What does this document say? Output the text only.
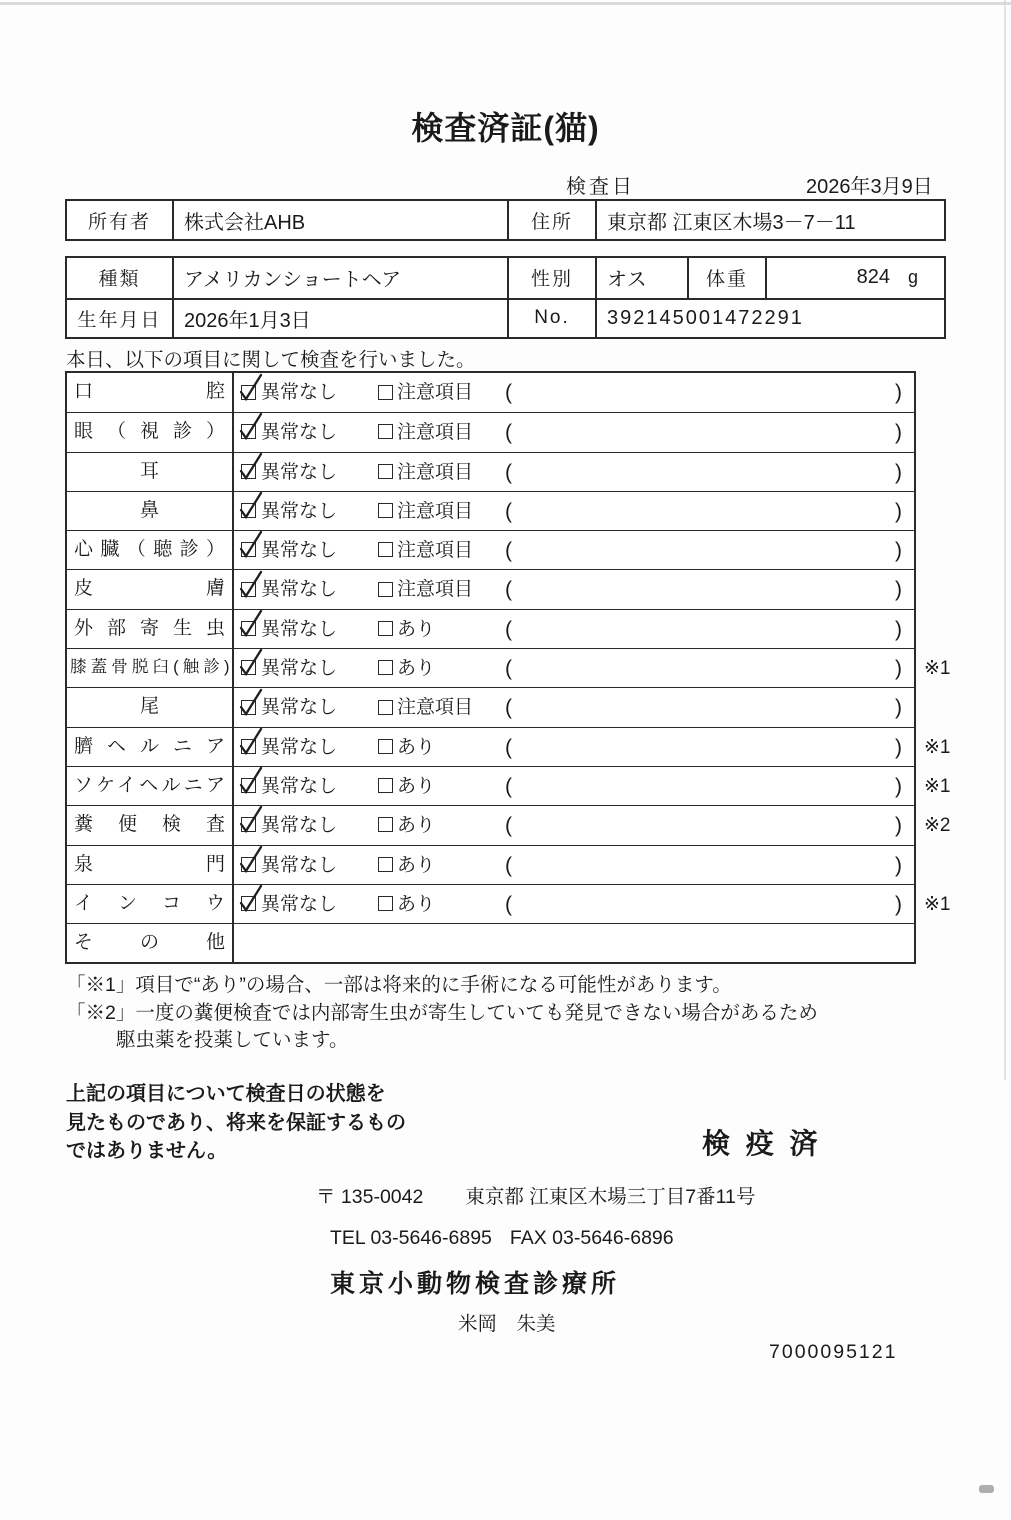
検査済証(猫)
検査日	2026年3月9日
所有者	株式会社AHB	住所	東京都 江東区木場3－7－11
種類	アメリカンショートヘア	性別	オス	体重	824 g
生年月日	2026年1月3日	No.	392145001472291
本日、以下の項目に関して検査を行いました。
口腔	異常なし	注意項目 (	)
眼（視診）	異常なし	注意項目 (	)
耳	異常なし	注意項目 (	)
鼻	異常なし	注意項目 (	)
心臓（聴診）	異常なし	注意項目 (	)
皮膚	異常なし	注意項目 (	)
外部寄生虫	異常なし	あり	(	)
膝蓋骨脱臼(触診) 異常なし	あり	(	) ※1
尾	異常なし	注意項目 (	)
臍ヘルニア	異常なし	あり	(	) ※1
ソケイヘルニア	異常なし	あり	(	) ※1
糞便検査	異常なし	あり	(	) ※2
泉門	異常なし	あり	(	)
インコウ	異常なし	あり	(	) ※1
その他
「※1」項目で“あり”の場合、一部は将来的に手術になる可能性があります。
「※2」一度の糞便検査では内部寄生虫が寄生していても発見できない場合があるため
駆虫薬を投薬しています。
上記の項目について検査日の状態を
見たものであり、将来を保証するもの
ではありません。	検 疫 済
〒 135-0042 東京都 江東区木場三丁目7番11号
TEL 03-5646-6895 FAX 03-5646-6896
東京小動物検査診療所
米岡　朱美
7000095121
